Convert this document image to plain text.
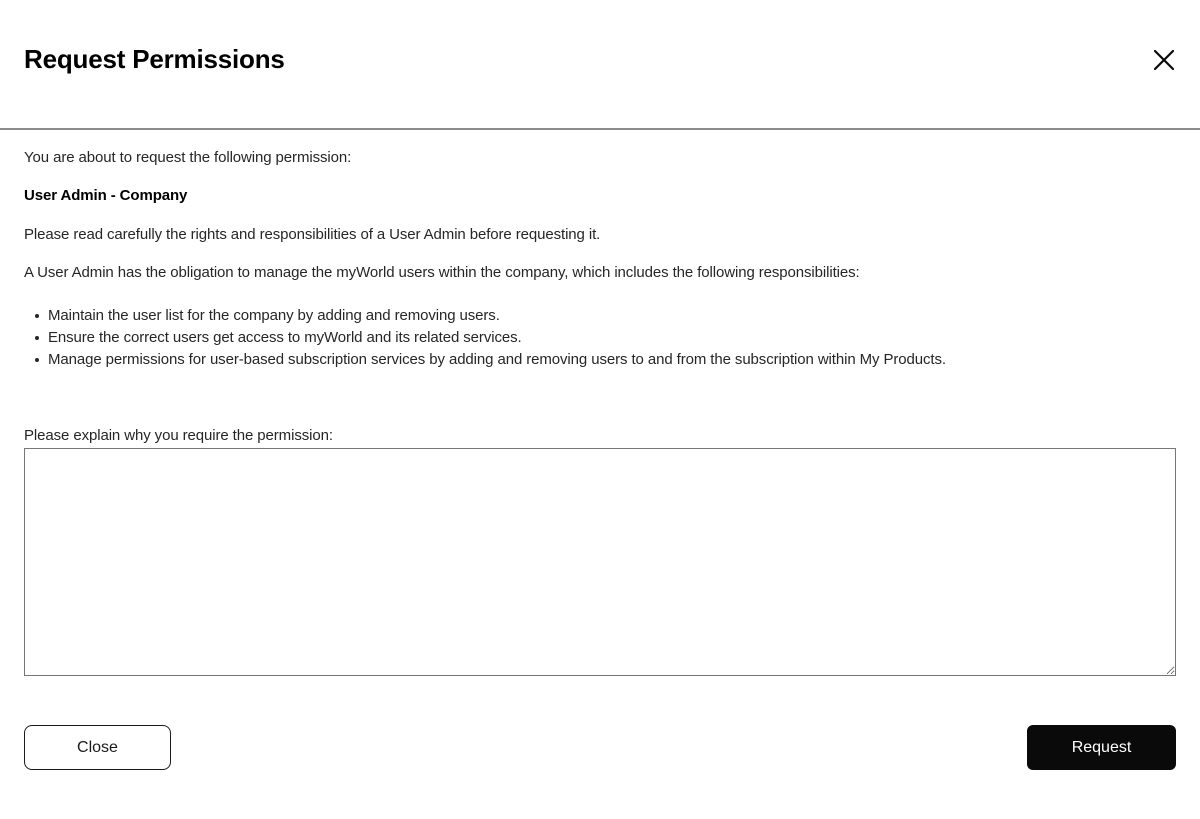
Request Permissions

You are about to request the following permission:

User Admin - Company

Please read carefully the rights and responsibilities of a User Admin before requesting it.

A User Admin has the obligation to manage the myWorld users within the company, which includes the following responsibilities:

Maintain the user list for the company by adding and removing users.
Ensure the correct users get access to myWorld and its related services.
Manage permissions for user-based subscription services by adding and removing users to and from the subscription within My Products.

Please explain why you require the permission:

Close	Request
